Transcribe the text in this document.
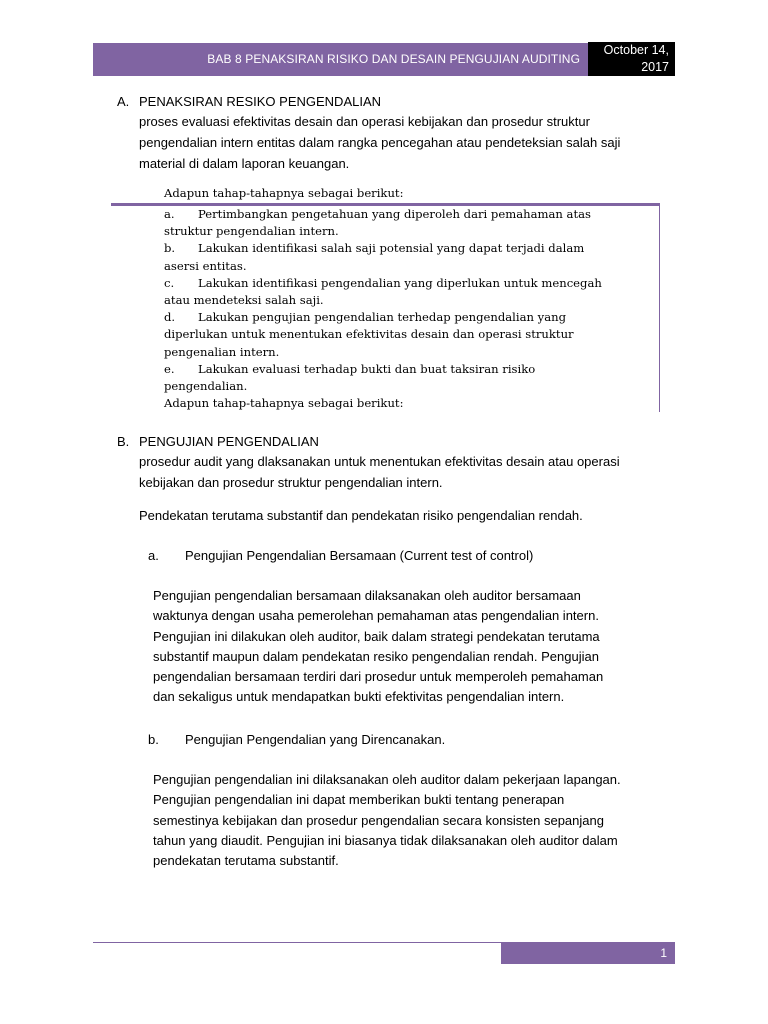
BAB 8 PENAKSIRAN RISIKO DAN DESAIN PENGUJIAN AUDITING
October 14,
2017
A. PENAKSIRAN RESIKO PENGENDALIAN
proses evaluasi efektivitas desain dan operasi kebijakan dan prosedur struktur
pengendalian intern entitas dalam rangka pencegahan atau pendeteksian salah saji
material di dalam laporan keuangan.
Adapun tahap-tahapnya sebagai berikut:
a. Pertimbangkan pengetahuan yang diperoleh dari pemahaman atas
struktur pengendalian intern.
b. Lakukan identifikasi salah saji potensial yang dapat terjadi dalam
asersi entitas.
c. Lakukan identifikasi pengendalian yang diperlukan untuk mencegah
atau mendeteksi salah saji.
d. Lakukan pengujian pengendalian terhedap pengendalian yang
diperlukan untuk menentukan efektivitas desain dan operasi struktur
pengenalian intern.
e. Lakukan evaluasi terhadap bukti dan buat taksiran risiko
pengendalian.
Adapun tahap-tahapnya sebagai berikut:
B. PENGUJIAN PENGENDALIAN
prosedur audit yang dlaksanakan untuk menentukan efektivitas desain atau operasi
kebijakan dan prosedur struktur pengendalian intern.
Pendekatan terutama substantif dan pendekatan risiko pengendalian rendah.
a. Pengujian Pengendalian Bersamaan (Current test of control)
Pengujian pengendalian bersamaan dilaksanakan oleh auditor bersamaan
waktunya dengan usaha pemerolehan pemahaman atas pengendalian intern.
Pengujian ini dilakukan oleh auditor, baik dalam strategi pendekatan terutama
substantif maupun dalam pendekatan resiko pengendalian rendah. Pengujian
pengendalian bersamaan terdiri dari prosedur untuk memperoleh pemahaman
dan sekaligus untuk mendapatkan bukti efektivitas pengendalian intern.
b. Pengujian Pengendalian yang Direncanakan.
Pengujian pengendalian ini dilaksanakan oleh auditor dalam pekerjaan lapangan.
Pengujian pengendalian ini dapat memberikan bukti tentang penerapan
semestinya kebijakan dan prosedur pengendalian secara konsisten sepanjang
tahun yang diaudit. Pengujian ini biasanya tidak dilaksanakan oleh auditor dalam
pendekatan terutama substantif.
1
